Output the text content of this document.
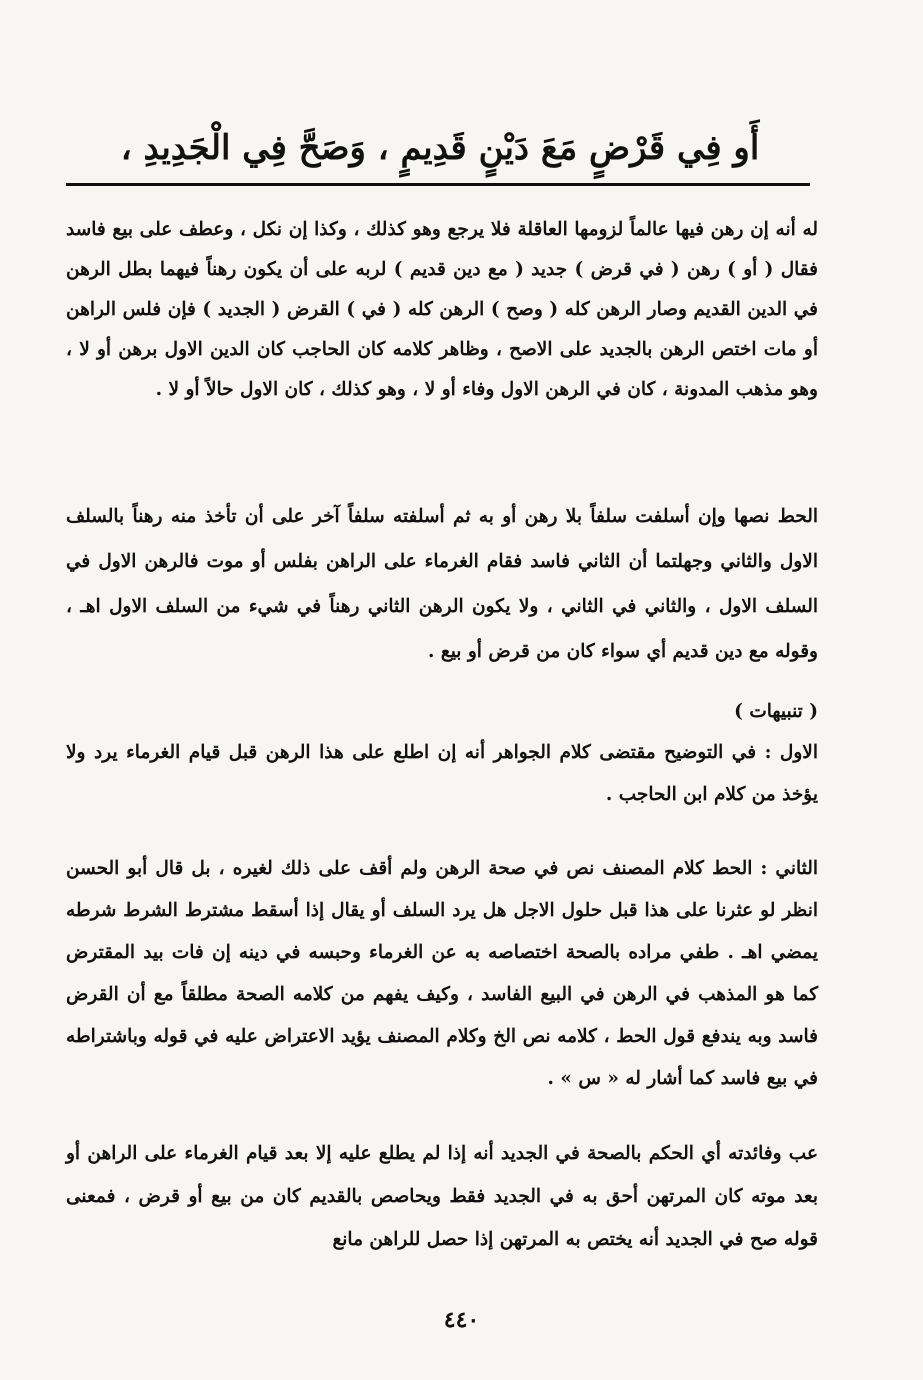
أَو فِي قَرْضٍ مَعَ دَيْنٍ قَدِيمٍ ، وَصَحَّ فِي الْجَدِيدِ ،

له أنه إن رهن فيها عالماً لزومها العاقلة فلا يرجع وهو كذلك ، وكذا إن نكل ، وعطف على بيع فاسد فقال ( أو ) رهن ( في قرض ) جديد ( مع دين قديم ) لربه على أن يكون رهناً فيهما بطل الرهن في الدين القديم وصار الرهن كله ( وصح ) الرهن كله ( في ) القرض ( الجديد ) فإن فلس الراهن أو مات اختص الرهن بالجديد على الاصح ، وظاهر كلامه كان الحاجب كان الدين الاول برهن أو لا ، وهو مذهب المدونة ، كان في الرهن الاول وفاء أو لا ، وهو كذلك ، كان الاول حالاً أو لا .

الحط نصها وإن أسلفت سلفاً بلا رهن أو به ثم أسلفته سلفاً آخر على أن تأخذ منه رهناً بالسلف الاول والثاني وجهلتما أن الثاني فاسد فقام الغرماء على الراهن بفلس أو موت فالرهن الاول في السلف الاول ، والثاني في الثاني ، ولا يكون الرهن الثاني رهناً في شيء من السلف الاول اهـ ، وقوله مع دين قديم أي سواء كان من قرض أو بيع .

( تنبيهات )

الاول : في التوضيح مقتضى كلام الجواهر أنه إن اطلع على هذا الرهن قبل قيام الغرماء يرد ولا يؤخذ من كلام ابن الحاجب .

الثاني : الحط كلام المصنف نص في صحة الرهن ولم أقف على ذلك لغيره ، بل قال أبو الحسن انظر لو عثرنا على هذا قبل حلول الاجل هل يرد السلف أو يقال إذا أسقط مشترط الشرط شرطه يمضي اهـ . طفي مراده بالصحة اختصاصه به عن الغرماء وحبسه في دينه إن فات بيد المقترض كما هو المذهب في الرهن في البيع الفاسد ، وكيف يفهم من كلامه الصحة مطلقاً مع أن القرض فاسد وبه يندفع قول الحط ، كلامه نص الخ وكلام المصنف يؤيد الاعتراض عليه في قوله وباشتراطه في بيع فاسد كما أشار له « س » .

عب وفائدته أي الحكم بالصحة في الجديد أنه إذا لم يطلع عليه إلا بعد قيام الغرماء على الراهن أو بعد موته كان المرتهن أحق به في الجديد فقط ويحاصص بالقديم كان من بيع أو قرض ، فمعنى قوله صح في الجديد أنه يختص به المرتهن إذا حصل للراهن مانع

٤٤٠
